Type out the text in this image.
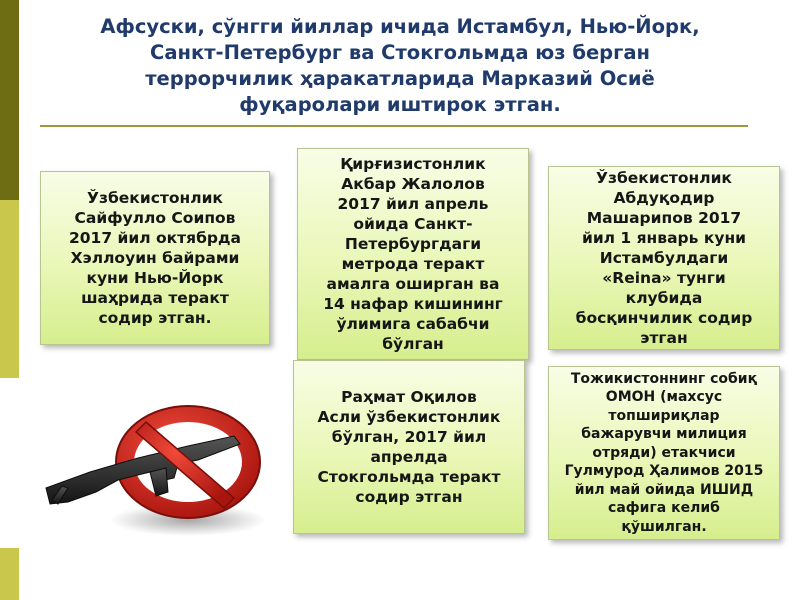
Афсуски, сўнгги йиллар ичида Истамбул, Нью-Йорк,
Санкт-Петербург ва Стокгольмда юз берган
террорчилик ҳаракатларида Марказий Осиё
фуқаролари иштирок этган.
Ўзбекистонлик
Сайфулло Соипов
2017 йил октябрда
Хэллоуин байрами
куни Нью-Йорк
шаҳрида теракт
содир этган.
Қирғизистонлик
Акбар Жалолов
2017 йил апрель
ойида Санкт-
Петербургдаги
метрода теракт
амалга оширган ва
14 нафар кишининг
ўлимига сабабчи
бўлган
Ўзбекистонлик
Абдуқодир
Машарипов 2017
йил 1 январь куни
Истамбулдаги
«Reina» тунги
клубида
босқинчилик содир
этган
Раҳмат Оқилов
Асли ўзбекистонлик
бўлган, 2017 йил
апрелда
Стокгольмда теракт
содир этган
Тожикистоннинг собиқ
ОМОН (махсус
топшириқлар
бажарувчи милиция
отряди) етакчиси
Гулмурод Ҳалимов 2015
йил май ойида ИШИД
сафига келиб
қўшилган.
